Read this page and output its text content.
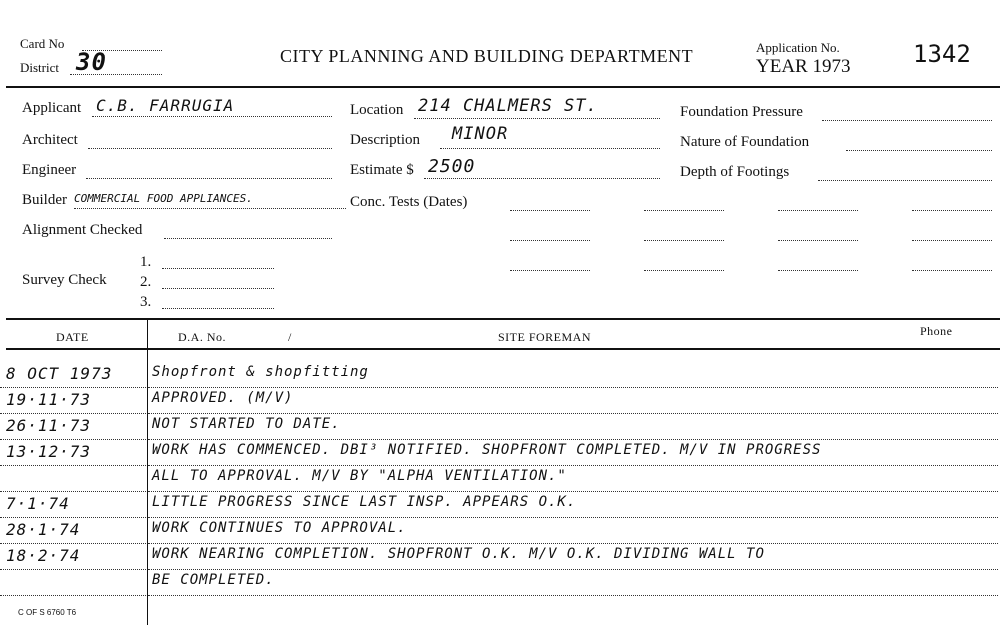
Card No
District 30	CITY PLANNING AND BUILDING DEPARTMENT	Application No.
YEAR 1973	1342
Applicant C.B. FARRUGIA
Architect
Engineer
Builder COMMERCIAL FOOD APPLIANCES.
Alignment Checked
Survey Check
1.
2.
3.
Location 214 CHALMERS ST.
Description MINOR
Estimate $ 2500
Conc. Tests (Dates)
Foundation Pressure
Nature of Foundation
Depth of Footings
DATE	D.A. No.	/	SITE FOREMAN	Phone
8 OCT 1973	Shopfront & shopfitting
19·11·73	APPROVED. (M/V)
26·11·73	NOT STARTED TO DATE.
13·12·73	WORK HAS COMMENCED. DBI³ NOTIFIED. SHOPFRONT COMPLETED. M/V IN PROGRESS
ALL TO APPROVAL. M/V BY "ALPHA VENTILATION."
7·1·74	LITTLE PROGRESS SINCE LAST INSP. APPEARS O.K.
28·1·74	WORK CONTINUES TO APPROVAL.
18·2·74	WORK NEARING COMPLETION. SHOPFRONT O.K. M/V O.K. DIVIDING WALL TO
BE COMPLETED.
C OF S 6760 T6
